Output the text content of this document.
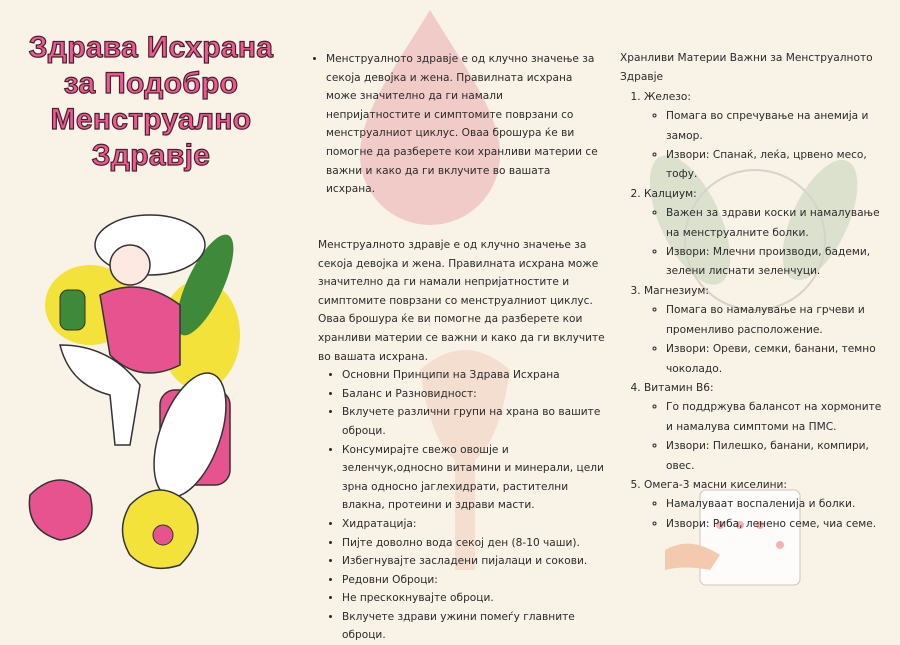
Здрава Исхрана за Подобро Менструално Здравје
• Менструалното здравје е од клучно значење за секоја девојка и жена. Правилната исхрана може значително да ги намали непријатностите и симптомите поврзани со менструалниот циклус. Оваа брошура ќе ви помогне да разберете кои хранливи материи се важни и како да ги вклучите во вашата исхрана.

Менструалното здравје е од клучно значење за секоја девојка и жена. Правилната исхрана може значително да ги намали непријатностите и симптомите поврзани со менструалниот циклус. Оваа брошура ќе ви помогне да разберете кои хранливи материи се важни и како да ги вклучите во вашата исхрана.

• Основни Принципи на Здрава Исхрана
• Баланс и Разновидност:
• Вклучете различни групи на храна во вашите оброци.
• Консумирајте свежо овошје и зеленчук,односно витамини и минерали, цели зрна односно јаглехидрати, растителни влакна, протеини и здрави масти.
• Хидратација:
• Пијте доволно вода секој ден (8-10 чаши).
• Избегнувајте засладени пијалаци и сокови.
• Редовни Оброци:
• Не прескокнувајте оброци.
• Вклучете здрави ужини помеѓу главните оброци.

Хранливи Материи Важни за Менструалното Здравје

1. Железо:
◦ Помага во спречување на анемија и замор.
◦ Извори: Спанаќ, леќа, црвено месо, тофу.
2. Калциум:
◦ Важен за здрави коски и намалување на менструалните болки.
◦ Извори: Млечни производи, бадеми, зелени лиснати зеленчуци.
3. Магнезиум:
◦ Помага во намалување на грчеви и променливо расположение.
◦ Извори: Ореви, семки, банани, темно чоколадо.
4. Витамин B6:
◦ Го поддржува балансот на хормоните и намалува симптоми на ПМС.
◦ Извори: Пилешко, банани, компири, овес.
5. Омега-3 масни киселини:
◦ Намалуваат воспаленија и болки.
◦ Извори: Риба, ленено семе, чиа семе.
